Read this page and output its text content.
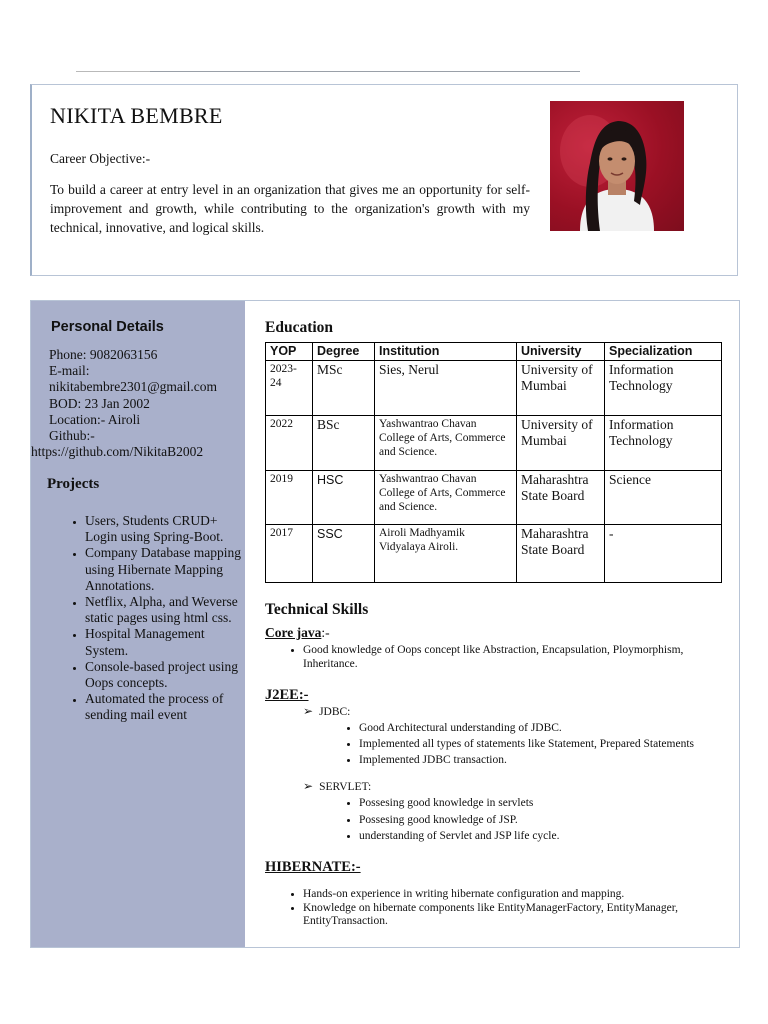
NIKITA BEMBRE
Career Objective:-
To build a career at entry level in an organization that gives me an opportunity for self-improvement and growth, while contributing to the organization's growth with my technical, innovative, and logical skills.
Personal Details
Phone: 9082063156
E-mail:
nikitabembre2301@gmail.com
BOD: 23 Jan 2002
Location:- Airoli
Github:-
https://github.com/NikitaB2002
Projects
• Users, Students CRUD+ Login using Spring-Boot.
• Company Database mapping using Hibernate Mapping Annotations.
• Netflix, Alpha, and Weverse static pages using html css.
• Hospital Management System.
• Console-based project using Oops concepts.
• Automated the process of sending mail event
Education
YOP	Degree	Institution	University	Specialization
2023-24	MSc	Sies, Nerul	University of Mumbai	Information Technology
2022	BSc	Yashwantrao Chavan College of Arts, Commerce and Science.	University of Mumbai	Information Technology
2019	HSC	Yashwantrao Chavan College of Arts, Commerce and Science.	Maharashtra State Board	Science
2017	SSC	Airoli Madhyamik Vidyalaya Airoli.	Maharashtra State Board	-
Technical Skills
Core java:-
• Good knowledge of Oops concept like Abstraction, Encapsulation, Ploymorphism, Inheritance.
J2EE:-
➢ JDBC:
• Good Architectural understanding of JDBC.
• Implemented all types of statements like Statement, Prepared Statements
• Implemented JDBC transaction.
➢ SERVLET:
• Possesing good knowledge in servlets
• Possesing good knowledge of JSP.
• understanding of Servlet and JSP life cycle.
HIBERNATE:-
• Hands-on experience in writing hibernate configuration and mapping.
• Knowledge on hibernate components like EntityManagerFactory, EntityManager, EntityTransaction.
